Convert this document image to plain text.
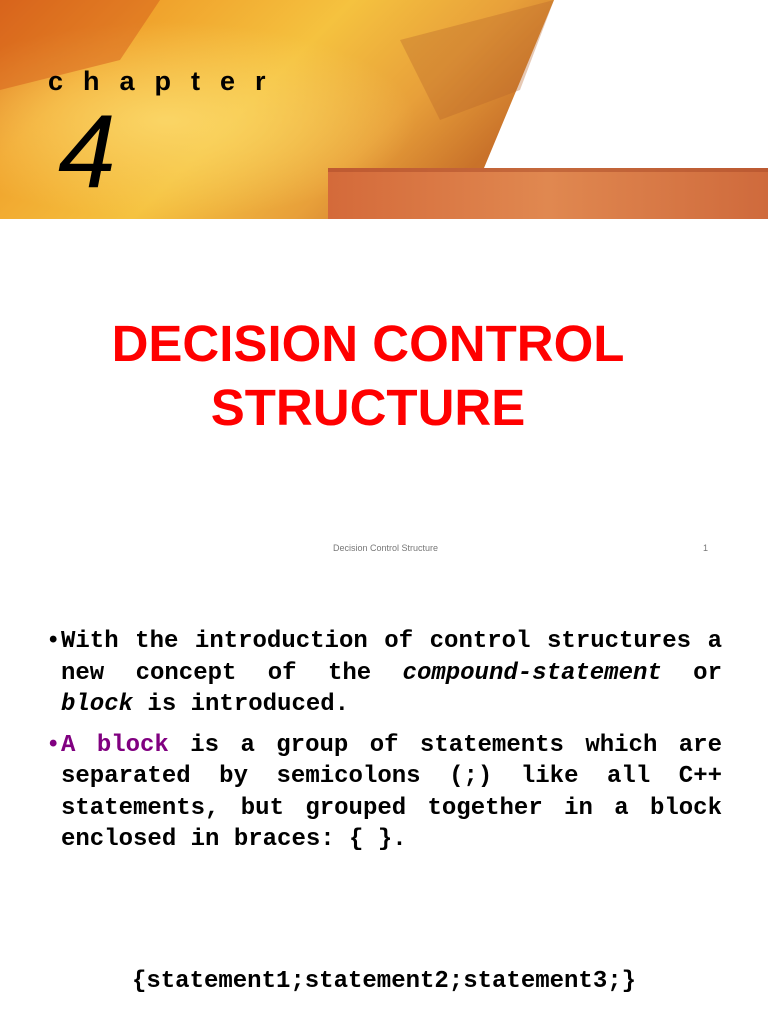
chapter

4

DECISION CONTROL
STRUCTURE
Decision Control Structure	1
• With the introduction of control structures a new concept of the compound-statement or block is introduced.
• A block is a group of statements which are separated by semicolons (;) like all C++ statements, but grouped together in a block enclosed in braces: { }.

{statement1;statement2;statement3;}
